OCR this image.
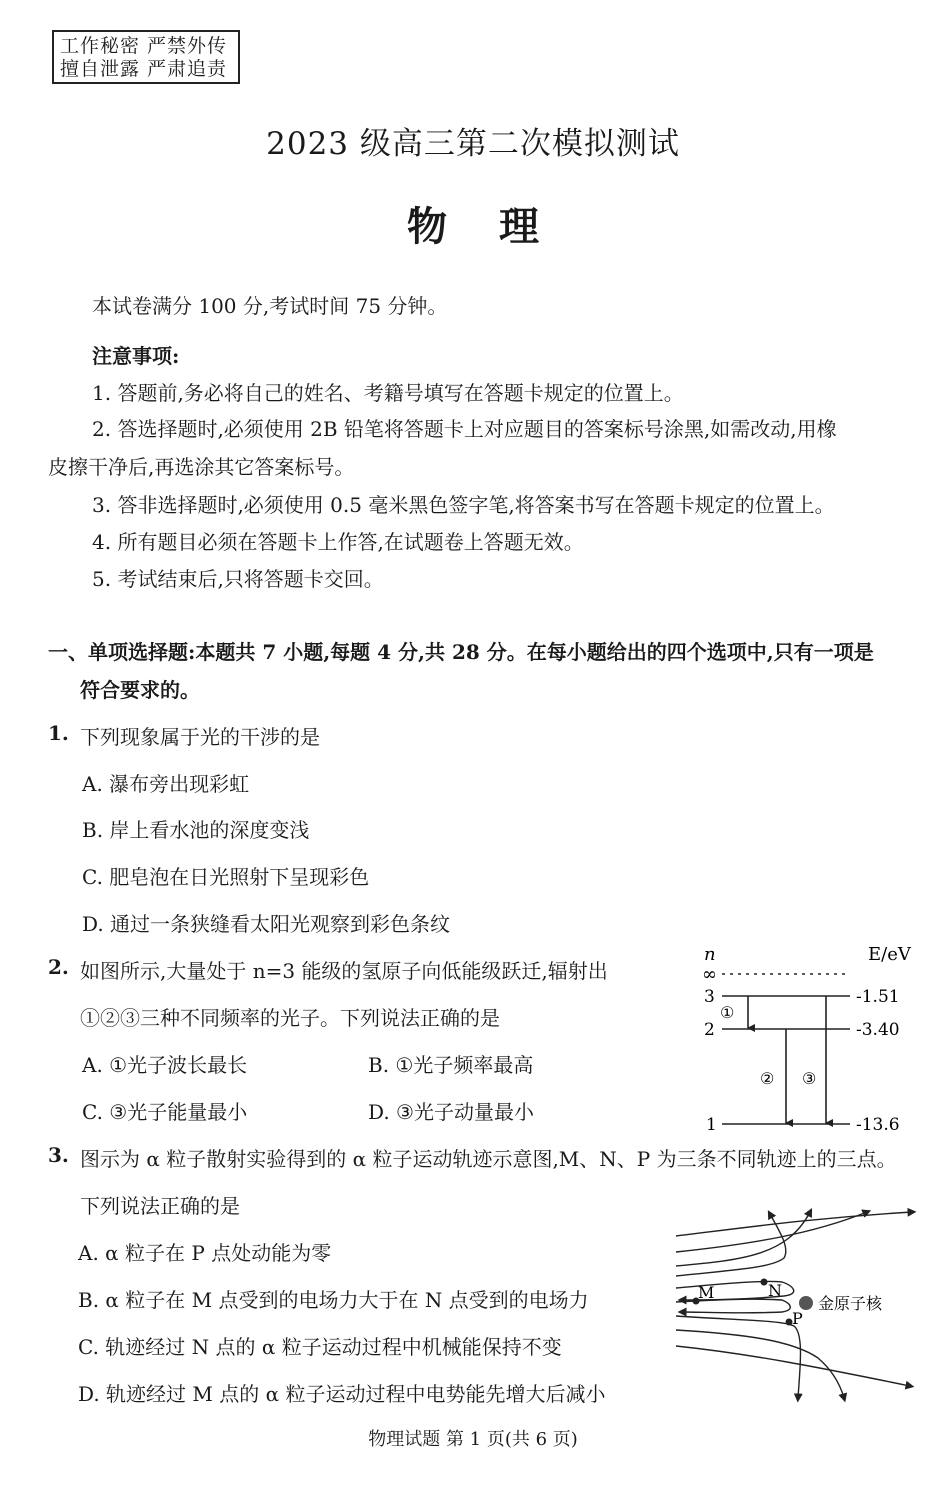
工作秘密 严禁外传
擅自泄露 严肃追责
2023 级高三第二次模拟测试
物 理
本试卷满分 100 分,考试时间 75 分钟。
注意事项:
1. 答题前,务必将自己的姓名、考籍号填写在答题卡规定的位置上。
2. 答选择题时,必须使用 2B 铅笔将答题卡上对应题目的答案标号涂黑,如需改动,用橡
皮擦干净后,再选涂其它答案标号。
3. 答非选择题时,必须使用 0.5 毫米黑色签字笔,将答案书写在答题卡规定的位置上。
4. 所有题目必须在答题卡上作答,在试题卷上答题无效。
5. 考试结束后,只将答题卡交回。
一、单项选择题:本题共 7 小题,每题 4 分,共 28 分。在每小题给出的四个选项中,只有一项是
符合要求的。
1. 下列现象属于光的干涉的是
A. 瀑布旁出现彩虹
B. 岸上看水池的深度变浅
C. 肥皂泡在日光照射下呈现彩色
D. 通过一条狭缝看太阳光观察到彩色条纹
2. 如图所示,大量处于 n=3 能级的氢原子向低能级跃迁,辐射出
①②③三种不同频率的光子。下列说法正确的是
A. ①光子波长最长	B. ①光子频率最高
C. ③光子能量最小	D. ③光子动量最小
n	E/eV
∞
3	-1.51
2	-3.40
1	-13.6
①
② ③
3. 图示为 α 粒子散射实验得到的 α 粒子运动轨迹示意图,M、N、P 为三条不同轨迹上的三点。
下列说法正确的是
A. α 粒子在 P 点处动能为零
B. α 粒子在 M 点受到的电场力大于在 N 点受到的电场力
C. 轨迹经过 N 点的 α 粒子运动过程中机械能保持不变
D. 轨迹经过 M 点的 α 粒子运动过程中电势能先增大后减小
M	N
P
金原子核
物理试题 第 1 页(共 6 页)
